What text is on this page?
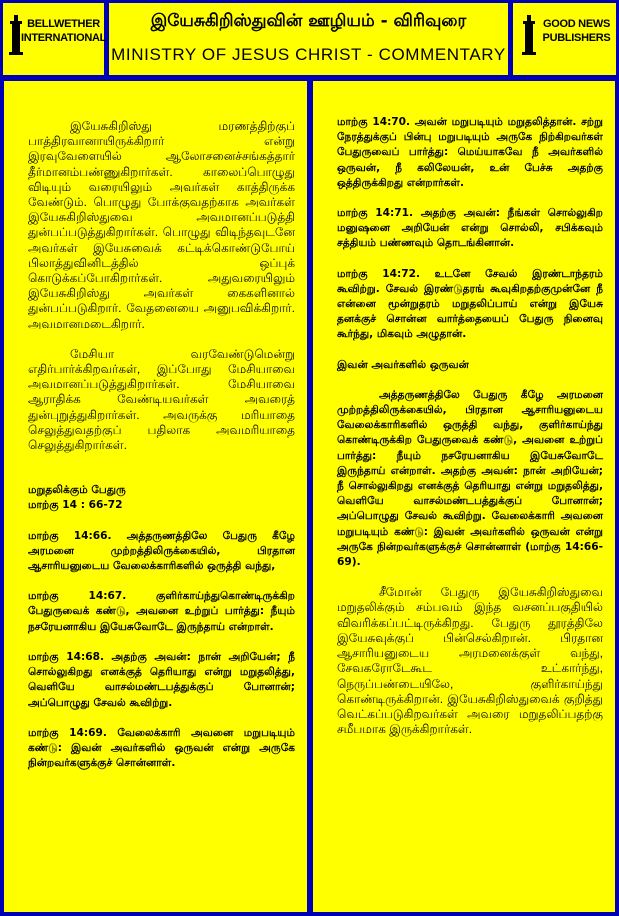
BELLWETHER
INTERNATIONAL
இயேசுகிறிஸ்துவின் ஊழியம் - விரிவுரை
MINISTRY OF JESUS CHRIST - COMMENTARY
GOOD NEWS
PUBLISHERS

இயேசுகிறிஸ்து மரணத்திற்குப் பாத்திரவானாயிருக்கிறார் என்று இரவுவேளையில் ஆலோசனைச்சங்கத்தார் தீர்மானம்பண்ணுகிறார்கள். காலைப்பொழுது விடியும் வரையிலும் அவர்கள் காத்திருக்க வேண்டும். பொழுது போக்குவதற்காக அவர்கள் இயேசுகிறிஸ்துவை அவமானப்படுத்தி துன்பப்படுத்துகிறார்கள். பொழுது விடிந்தவுடனே அவர்கள் இயேசுவைக் கட்டிக்கொண்டுபோய் பிலாத்துவினிடத்தில் ஒப்புக் கொடுக்கப்போகிறார்கள். அதுவரையிலும் இயேசுகிறிஸ்து அவர்கள் கைகளினால் துன்பப்படுகிறார். வேதனையை அனுபவிக்கிறார். அவமானமடைகிறார்.

மேசியா வரவேண்டுமென்று எதிர்பார்க்கிறவர்கள், இப்போது மேசியாவை அவமானப்படுத்துகிறார்கள். மேசியாவை ஆராதிக்க வேண்டியவர்கள் அவரைத் துன்புறுத்துகிறார்கள். அவருக்கு மரியாதை செலுத்துவதற்குப் பதிலாக அவமரியாதை செலுத்துகிறார்கள்.

மறுதலிக்கும் பேதுரு

மாற்கு 14 : 66-72

மாற்கு 14:66. அத்தருணத்திலே பேதுரு கீழே அரமனை முற்றத்திலிருக்கையில், பிரதான ஆசாரியனுடைய வேலைக்காரிகளில் ஒருத்தி வந்து,

மாற்கு 14:67. குளிர்காய்ந்துகொண்டிருக்கிற பேதுருவைக் கண்டு, அவனை உற்றுப் பார்த்து: நீயும் நசரேயனாகிய இயேசுவோடே இருந்தாய் என்றாள்.

மாற்கு 14:68. அதற்கு அவன்: நான் அறியேன்; நீ சொல்லுகிறது எனக்குத் தெரியாது என்று மறுதலித்து, வெளியே வாசல்மண்டபத்துக்குப் போனான்; அப்பொழுது சேவல் கூவிற்று.

மாற்கு 14:69. வேலைக்காரி அவனை மறுபடியும் கண்டு: இவன் அவர்களில் ஒருவன் என்று அருகே நின்றவர்களுக்குச் சொன்னாள்.

மாற்கு 14:70. அவன் மறுபடியும் மறுதலித்தான். சற்று நேரத்துக்குப் பின்பு மறுபடியும் அருகே நிற்கிறவர்கள் பேதுருவைப் பார்த்து: மெய்யாகவே நீ அவர்களில் ஒருவன், நீ கலிலேயன், உன் பேச்சு அதற்கு ஒத்திருக்கிறது என்றார்கள்.

மாற்கு 14:71. அதற்கு அவன்: நீங்கள் சொல்லுகிற மனுஷனை அறியேன் என்று சொல்லி, சபிக்கவும் சத்தியம் பண்ணவும் தொடங்கினான்.

மாற்கு 14:72. உடனே சேவல் இரண்டாந்தரம் கூவிற்று. சேவல் இரண்டுதரங் கூவுகிறதற்குமுன்னே நீ என்னை மூன்றுதரம் மறுதலிப்பாய் என்று இயேசு தனக்குச் சொன்ன வார்த்தையைப் பேதுரு நினைவு கூர்ந்து, மிகவும் அழுதான்.

இவன் அவர்களில் ஒருவன்

அத்தருணத்திலே பேதுரு கீழே அரமனை முற்றத்திலிருக்கையில், பிரதான ஆசாரியனுடைய வேலைக்காரிகளில் ஒருத்தி வந்து, குளிர்காய்ந்து கொண்டிருக்கிற பேதுருவைக் கண்டு, அவனை உற்றுப் பார்த்து: நீயும் நசரேயனாகிய இயேசுவோடே இருந்தாய் என்றாள். அதற்கு அவன்: நான் அறியேன்; நீ சொல்லுகிறது எனக்குத் தெரியாது என்று மறுதலித்து, வெளியே வாசல்மண்டபத்துக்குப் போனான்; அப்பொழுது சேவல் கூவிற்று. வேலைக்காரி அவனை மறுபடியும் கண்டு: இவன் அவர்களில் ஒருவன் என்று அருகே நின்றவர்களுக்குச் சொன்னாள் (மாற்கு 14:66-69).

சீமோன் பேதுரு இயேசுகிறிஸ்துவை மறுதலிக்கும் சம்பவம் இந்த வசனப்பகுதியில் விவரிக்கப்பட்டிருக்கிறது. பேதுரு தூரத்திலே இயேசுவுக்குப் பின்செல்கிறான். பிரதான ஆசாரியனுடைய அரமனைக்குள் வந்து, சேவகரோடேகூட உட்கார்ந்து, நெருப்பண்டையிலே, குளிர்காய்ந்து கொண்டிருக்கிறான். இயேசுகிறிஸ்துவைக் குறித்து வெட்கப்படுகிறவர்கள் அவரை மறுதலிப்பதற்கு சமீபமாக இருக்கிறார்கள்.
